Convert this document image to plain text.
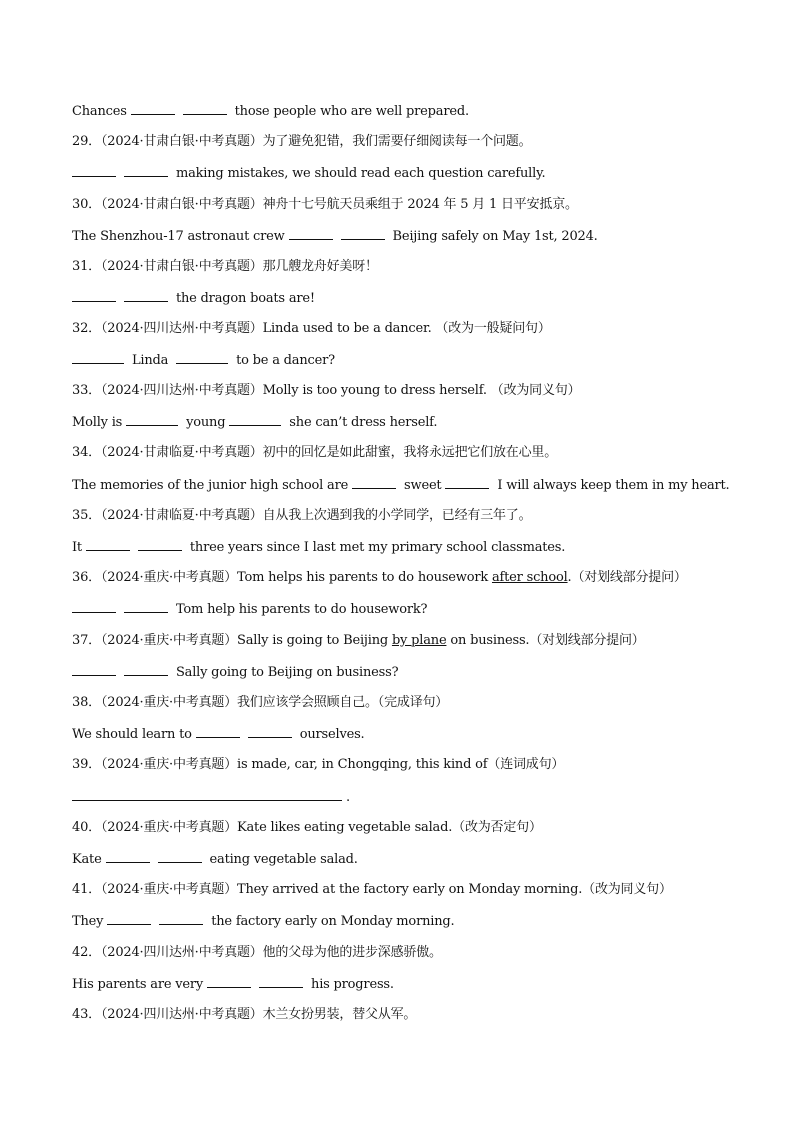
Chances	those people who are well prepared.
29．（2024·甘肃白银·中考真题）为了避免犯错，我们需要仔细阅读每一个问题。
making mistakes, we should read each question carefully.
30．（2024·甘肃白银·中考真题）神舟十七号航天员乘组于 2024 年 5 月 1 日平安抵京。
The Shenzhou-17 astronaut crew	Beijing safely on May 1st, 2024.
31．（2024·甘肃白银·中考真题）那几艘龙舟好美呀！
the dragon boats are!
32．（2024·四川达州·中考真题）Linda used to be a dancer. （改为一般疑问句）
Linda	to be a dancer?
33．（2024·四川达州·中考真题）Molly is too young to dress herself. （改为同义句）
Molly is	young	she can’t dress herself.
34．（2024·甘肃临夏·中考真题）初中的回忆是如此甜蜜，我将永远把它们放在心里。
The memories of the junior high school are	sweet	I will always keep them in my heart.
35．（2024·甘肃临夏·中考真题）自从我上次遇到我的小学同学，已经有三年了。
It	three years since I last met my primary school classmates.
36．（2024·重庆·中考真题）Tom helps his parents to do housework after school.（对划线部分提问）
Tom help his parents to do housework?
37．（2024·重庆·中考真题）Sally is going to Beijing by plane on business.（对划线部分提问）
Sally going to Beijing on business?
38．（2024·重庆·中考真题）我们应该学会照顾自己。（完成译句）
We should learn to	ourselves.
39．（2024·重庆·中考真题）is made, car, in Chongqing, this kind of（连词成句）
.
40．（2024·重庆·中考真题）Kate likes eating vegetable salad.（改为否定句）
Kate	eating vegetable salad.
41．（2024·重庆·中考真题）They arrived at the factory early on Monday morning.（改为同义句）
They	the factory early on Monday morning.
42．（2024·四川达州·中考真题）他的父母为他的进步深感骄傲。
His parents are very	his progress.
43．（2024·四川达州·中考真题）木兰女扮男装，替父从军。
